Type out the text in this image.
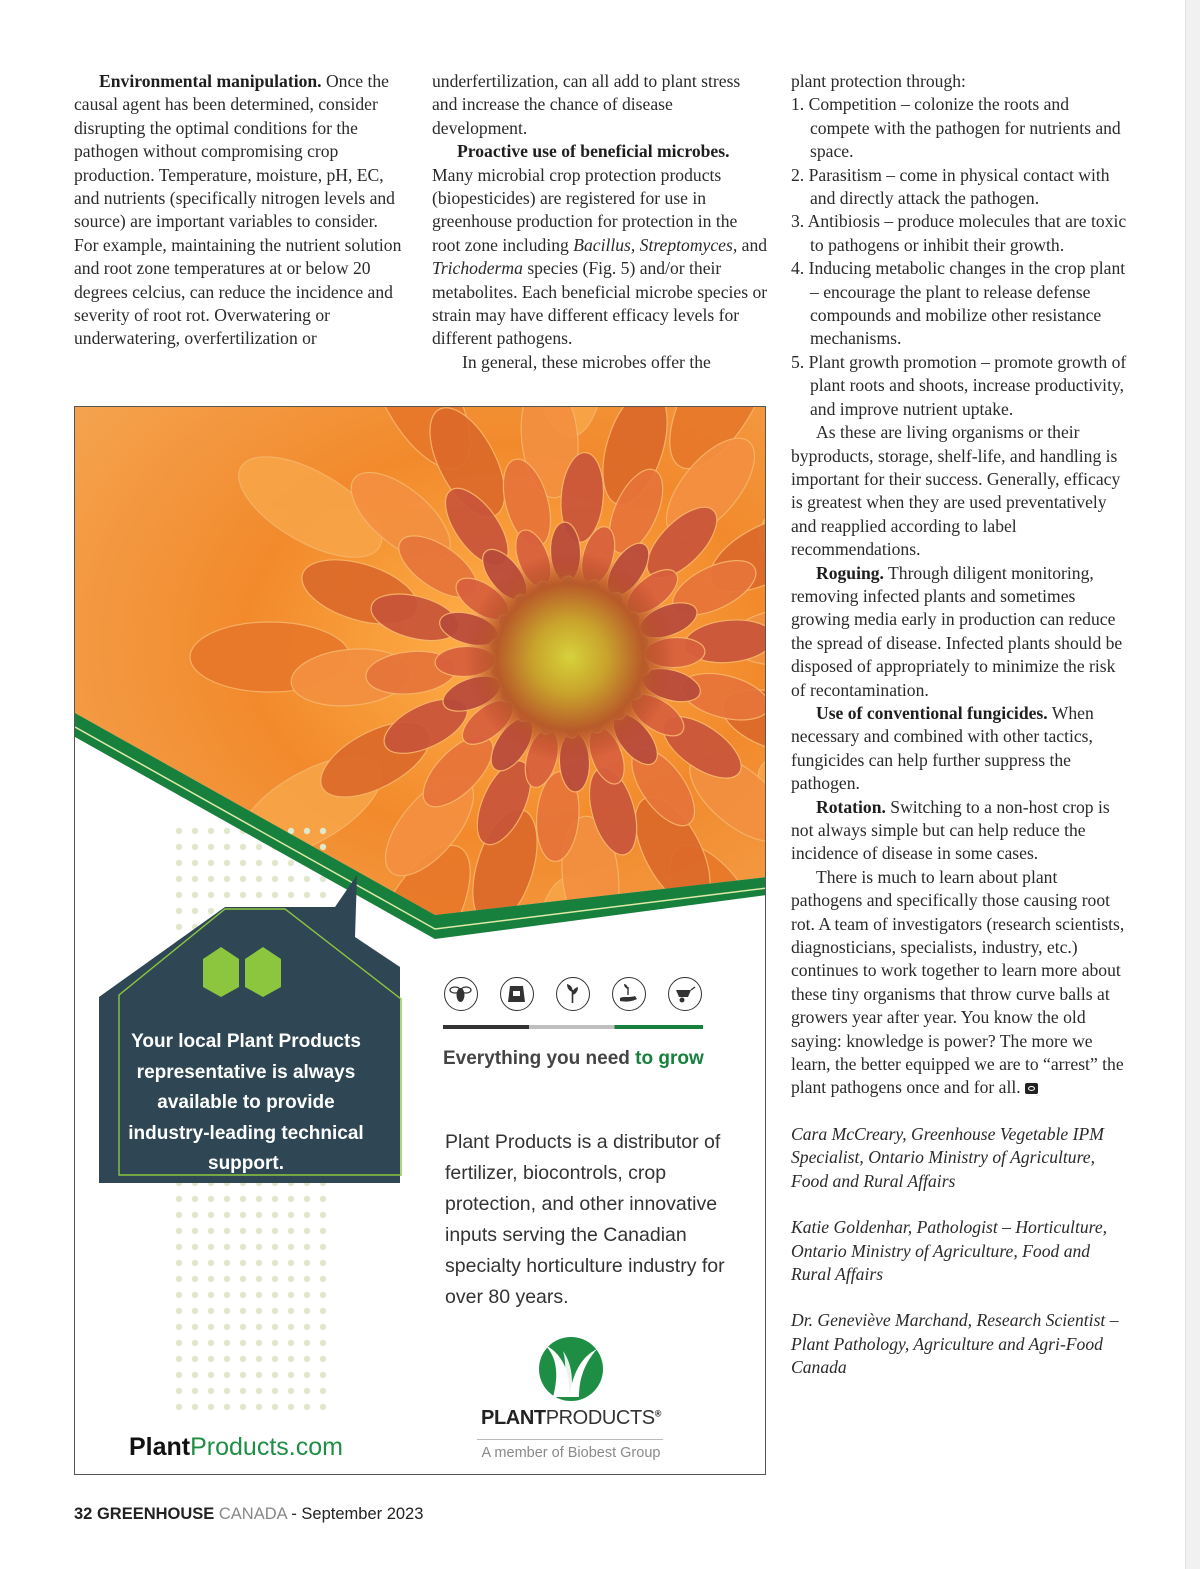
Environmental manipulation. Once the causal agent has been determined, consider disrupting the optimal conditions for the pathogen without compromising crop production. Temperature, moisture, pH, EC, and nutrients (specifically nitrogen levels and source) are important variables to consider. For example, maintaining the nutrient solution and root zone temperatures at or below 20 degrees celcius, can reduce the incidence and severity of root rot. Overwatering or underwatering, overfertilization or

underfertilization, can all add to plant stress and increase the chance of disease development.

Proactive use of beneficial microbes. Many microbial crop protection products (biopesticides) are registered for use in greenhouse production for protection in the root zone including Bacillus, Streptomyces, and Trichoderma species (Fig. 5) and/or their metabolites. Each beneficial microbe species or strain may have different efficacy levels for different pathogens.

In general, these microbes offer the

plant protection through:

1. Competition – colonize the roots and compete with the pathogen for nutrients and space.
2. Parasitism – come in physical contact with and directly attack the pathogen.
3. Antibiosis – produce molecules that are toxic to pathogens or inhibit their growth.
4. Inducing metabolic changes in the crop plant – encourage the plant to release defense compounds and mobilize other resistance mechanisms.
5. Plant growth promotion – promote growth of plant roots and shoots, increase productivity, and improve nutrient uptake.

As these are living organisms or their byproducts, storage, shelf-life, and handling is important for their success. Generally, efficacy is greatest when they are used preventatively and reapplied according to label recommendations.

Roguing. Through diligent monitoring, removing infected plants and sometimes growing media early in production can reduce the spread of disease. Infected plants should be disposed of appropriately to minimize the risk of recontamination.

Use of conventional fungicides. When necessary and combined with other tactics, fungicides can help further suppress the pathogen.

Rotation. Switching to a non-host crop is not always simple but can help reduce the incidence of disease in some cases.

There is much to learn about plant pathogens and specifically those causing root rot. A team of investigators (research scientists, diagnosticians, specialists, industry, etc.) continues to work together to learn more about these tiny organisms that throw curve balls at growers year after year. You know the old saying: knowledge is power? The more we learn, the better equipped we are to “arrest” the plant pathogens once and for all.

Cara McCreary, Greenhouse Vegetable IPM Specialist, Ontario Ministry of Agriculture, Food and Rural Affairs

Katie Goldenhar, Pathologist – Horticulture, Ontario Ministry of Agriculture, Food and Rural Affairs

Dr. Geneviève Marchand, Research Scientist – Plant Pathology, Agriculture and Agri-Food Canada

Your local Plant Products representative is always available to provide industry-leading technical support.
Everything you need to grow
Plant Products is a distributor of fertilizer, biocontrols, crop protection, and other innovative inputs serving the Canadian specialty horticulture industry for over 80 years.
PLANTPRODUCTS®
A member of Biobest Group
PlantProducts.com
32 GREENHOUSE CANADA - September 2023
